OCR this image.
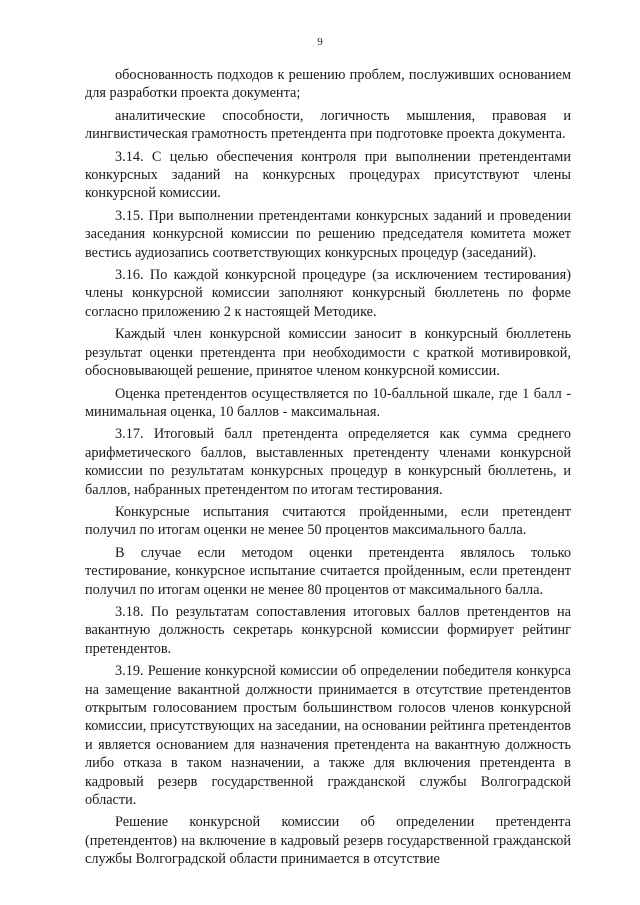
9

обоснованность подходов к решению проблем, послуживших основанием для разработки проекта документа;

аналитические способности, логичность мышления, правовая и лингвистическая грамотность претендента при подготовке проекта документа.

3.14. С целью обеспечения контроля при выполнении претендентами конкурсных заданий на конкурсных процедурах присутствуют члены конкурсной комиссии.

3.15. При выполнении претендентами конкурсных заданий и проведении заседания конкурсной комиссии по решению председателя комитета может вестись аудиозапись соответствующих конкурсных процедур (заседаний).

3.16. По каждой конкурсной процедуре (за исключением тестирования) члены конкурсной комиссии заполняют конкурсный бюллетень по форме согласно приложению 2 к настоящей Методике.

Каждый член конкурсной комиссии заносит в конкурсный бюллетень результат оценки претендента при необходимости с краткой мотивировкой, обосновывающей решение, принятое членом конкурсной комиссии.

Оценка претендентов осуществляется по 10-балльной шкале, где 1 балл - минимальная оценка, 10 баллов - максимальная.

3.17. Итоговый балл претендента определяется как сумма среднего арифметического баллов, выставленных претенденту членами конкурсной комиссии по результатам конкурсных процедур в конкурсный бюллетень, и баллов, набранных претендентом по итогам тестирования.

Конкурсные испытания считаются пройденными, если претендент получил по итогам оценки не менее 50 процентов максимального балла.

В случае если методом оценки претендента являлось только тестирование, конкурсное испытание считается пройденным, если претендент получил по итогам оценки не менее 80 процентов от максимального балла.

3.18. По результатам сопоставления итоговых баллов претендентов на вакантную должность секретарь конкурсной комиссии формирует рейтинг претендентов.

3.19. Решение конкурсной комиссии об определении победителя конкурса на замещение вакантной должности принимается в отсутствие претендентов открытым голосованием простым большинством голосов членов конкурсной комиссии, присутствующих на заседании, на основании рейтинга претендентов и является основанием для назначения претендента на вакантную должность либо отказа в таком назначении, а также для включения претендента в кадровый резерв государственной гражданской службы Волгоградской области.

Решение конкурсной комиссии об определении претендента (претендентов) на включение в кадровый резерв государственной гражданской службы Волгоградской области принимается в отсутствие
